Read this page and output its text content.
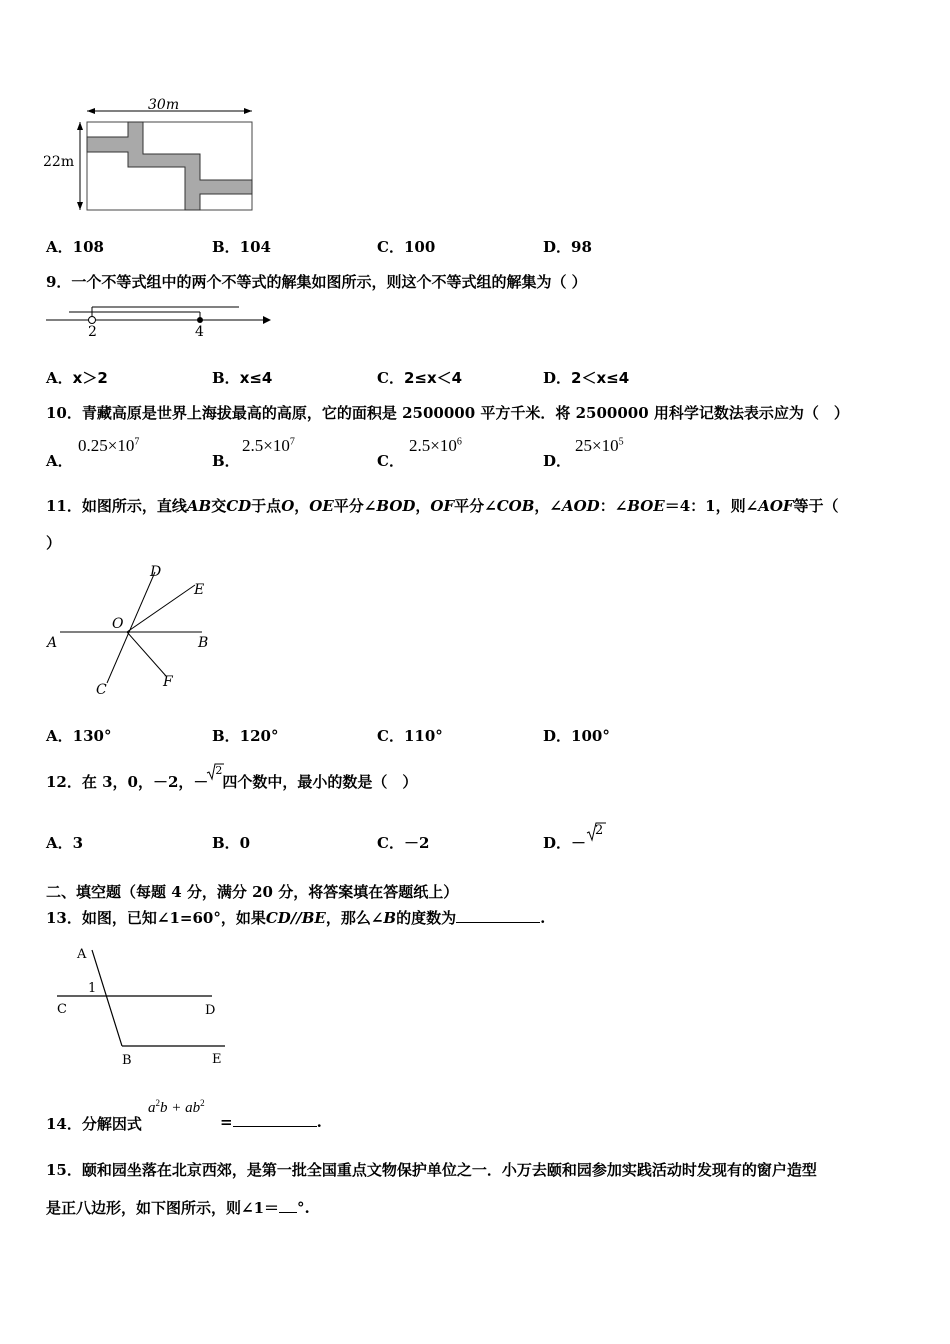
30m
22m
A．108	B．104	C．100	D．98
9．一个不等式组中的两个不等式的解集如图所示，则这个不等式组的解集为（ ）
2	4
A．x＞2	B．x≤4	C．2≤x＜4	D．2＜x≤4
10．青藏高原是世界上海拔最高的高原，它的面积是 2500000 平方千米．将 2500000 用科学记数法表示应为（　）
A．
$0.25\times 10^7$
B．
$2.5\times 10^7$
C．
$2.5\times 10^6$
D．
$25\times 10^5$
11．如图所示，直线AB交CD于点O，OE平分∠BOD，OF平分∠COB，∠AOD：∠BOE＝4：1，则∠AOF等于（
）
A	B
C
D
E
F
O
A．130°	B．120°	C．110°	D．100°
12．在 3，0，－2，－
2
四个数中，最小的数是（　）
A．3	B．0	C．－2	D．－
2
二、填空题（每题 4 分，满分 20 分，将答案填在答题纸上）
13．如图，已知∠1=60°，如果CD//BE，那么∠B的度数为	.
A
1
C	D
B	E
14．分解因式
$a^2b + ab^2$
=	.
15．颐和园坐落在北京西郊，是第一批全国重点文物保护单位之一．小万去颐和园参加实践活动时发现有的窗户造型
是正八边形，如下图所示，则∠1＝ °.
